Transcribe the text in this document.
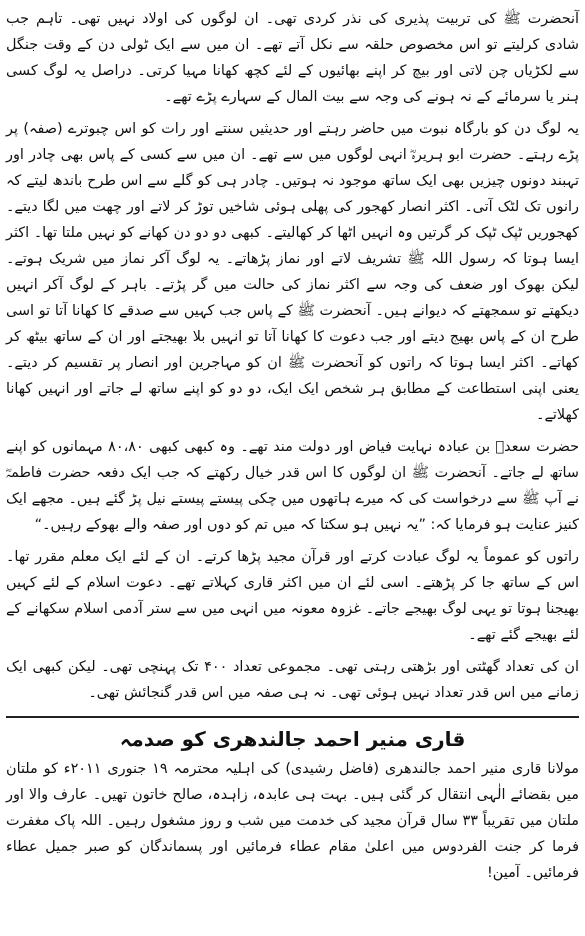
آنحضرت ﷺ کی تربیت پذیری کی نذر کردی تھی۔ ان لوگوں کی اولاد نہیں تھی۔ تاہم جب شادی کرلیتے تو اس مخصوص حلقہ سے نکل آتے تھے۔ ان میں سے ایک ٹولی دن کے وقت جنگل سے لکڑیاں چن لاتی اور بیچ کر اپنے بھائیوں کے لئے کچھ کھانا مہیا کرتی۔ دراصل یہ لوگ کسی ہنر یا سرمائے کے نہ ہونے کی وجہ سے بیت المال کے سہارے پڑے تھے۔

یہ لوگ دن کو بارگاہ نبوت میں حاضر رہتے اور حدیثیں سنتے اور رات کو اس چبوترے (صفہ) پر پڑے رہتے۔ حضرت ابو ہریرہؓ انہی لوگوں میں سے تھے۔ ان میں سے کسی کے پاس بھی چادر اور تہبند دونوں چیزیں بھی ایک ساتھ موجود نہ ہوتیں۔ چادر ہی کو گلے سے اس طرح باندھ لیتے کہ رانوں تک لٹک آتی۔ اکثر انصار کھجور کی پھلی ہوئی شاخیں توڑ کر لاتے اور چھت میں لگا دیتے۔ کھجوریں ٹپک ٹپک کر گرتیں وہ انہیں اٹھا کر کھالیتے۔ کبھی دو دو دن کھانے کو نہیں ملتا تھا۔ اکثر ایسا ہوتا کہ رسول اللہ ﷺ تشریف لاتے اور نماز پڑھاتے۔ یہ لوگ آکر نماز میں شریک ہوتے۔ لیکن بھوک اور ضعف کی وجہ سے اکثر نماز کی حالت میں گر پڑتے۔ باہر کے لوگ آکر انہیں دیکھتے تو سمجھتے کہ دیوانے ہیں۔ آنحضرت ﷺ کے پاس جب کہیں سے صدقے کا کھانا آتا تو اسی طرح ان کے پاس بھیج دیتے اور جب دعوت کا کھانا آتا تو انہیں بلا بھیجتے اور ان کے ساتھ بیٹھ کر کھاتے۔ اکثر ایسا ہوتا کہ راتوں کو آنحضرت ﷺ ان کو مہاجرین اور انصار پر تقسیم کر دیتے۔ یعنی اپنی استطاعت کے مطابق ہر شخص ایک ایک، دو دو کو اپنے ساتھ لے جاتے اور انہیں کھانا کھلاتے۔

حضرت سعدؓ بن عبادہ نہایت فیاض اور دولت مند تھے۔ وہ کبھی کبھی ۸۰،۸۰ مہمانوں کو اپنے ساتھ لے جاتے۔ آنحضرت ﷺ ان لوگوں کا اس قدر خیال رکھتے کہ جب ایک دفعہ حضرت فاطمہؓ نے آپ ﷺ سے درخواست کی کہ میرے ہاتھوں میں چکی پیستے پیستے نیل پڑ گئے ہیں۔ مجھے ایک کنیز عنایت ہو فرمایا کہ: ”یہ نہیں ہو سکتا کہ میں تم کو دوں اور صفہ والے بھوکے رہیں۔“

راتوں کو عموماً یہ لوگ عبادت کرتے اور قرآن مجید پڑھا کرتے۔ ان کے لئے ایک معلم مقرر تھا۔ اس کے ساتھ جا کر پڑھتے۔ اسی لئے ان میں اکثر قاری کہلاتے تھے۔ دعوت اسلام کے لئے کہیں بھیجنا ہوتا تو یہی لوگ بھیجے جاتے۔ غزوہ معونہ میں انہی میں سے ستر آدمی اسلام سکھانے کے لئے بھیجے گئے تھے۔

ان کی تعداد گھٹتی اور بڑھتی رہتی تھی۔ مجموعی تعداد ۴۰۰ تک پہنچی تھی۔ لیکن کبھی ایک زمانے میں اس قدر تعداد نہیں ہوئی تھی۔ نہ ہی صفہ میں اس قدر گنجائش تھی۔

قاری منیر احمد جالندھری کو صدمہ

مولانا قاری منیر احمد جالندھری (فاضل رشیدی) کی اہلیہ محترمہ ۱۹ جنوری ۲۰۱۱ء کو ملتان میں بقضائے الٰہی انتقال کر گئی ہیں۔ بہت ہی عابدہ، زاہدہ، صالح خاتون تھیں۔ عارف والا اور ملتان میں تقریباً ۳۳ سال قرآن مجید کی خدمت میں شب و روز مشغول رہیں۔ اللہ پاک مغفرت فرما کر جنت الفردوس میں اعلیٰ مقام عطاء فرمائیں اور پسماندگان کو صبر جمیل عطاء فرمائیں۔ آمین!
